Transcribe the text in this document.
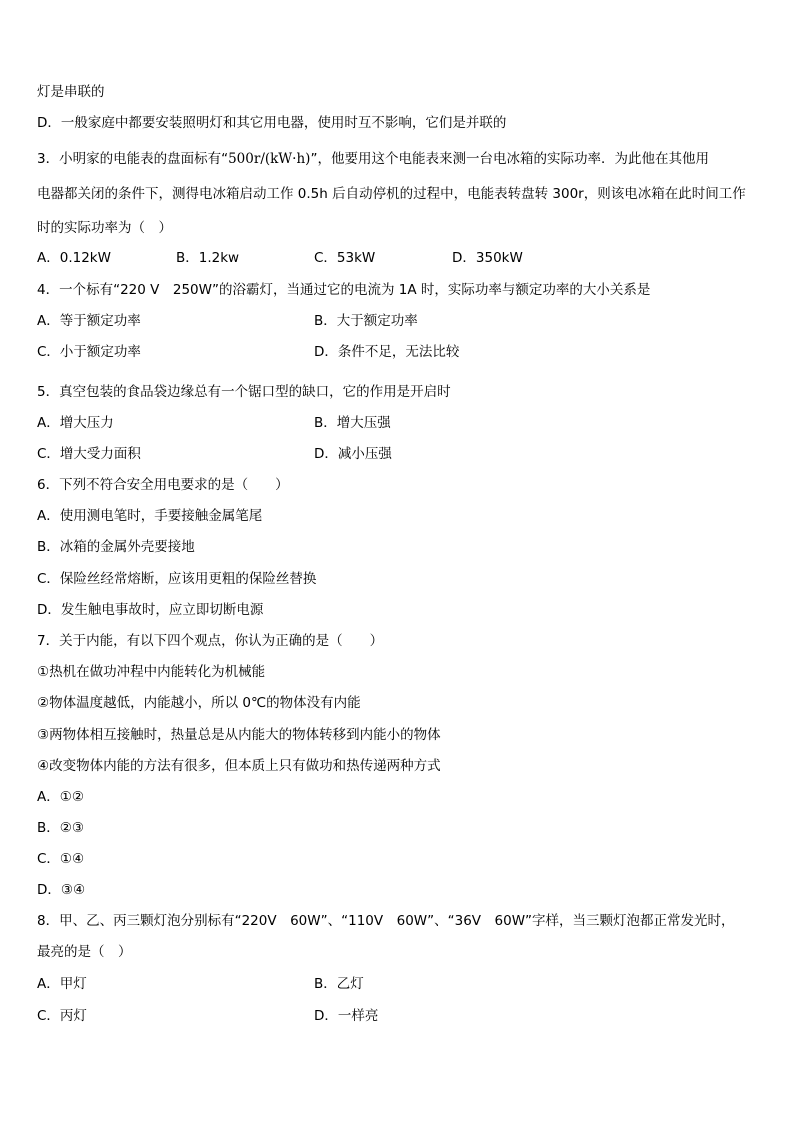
灯是串联的
D．一般家庭中都要安装照明灯和其它用电器，使用时互不影响，它们是并联的
3．小明家的电能表的盘面标有“500r/(kW·h)”，他要用这个电能表来测一台电冰箱的实际功率．为此他在其他用
电器都关闭的条件下，测得电冰箱启动工作 0.5h 后自动停机的过程中，电能表转盘转 300r，则该电冰箱在此时间工作
时的实际功率为（　）
A．0.12kW	B．1.2kw	C．53kW	D．350kW
4．一个标有“220 V　250W”的浴霸灯，当通过它的电流为 1A 时，实际功率与额定功率的大小关系是
A．等于额定功率	B．大于额定功率
C．小于额定功率	D．条件不足，无法比较
5．真空包装的食品袋边缘总有一个锯口型的缺口，它的作用是开启时
A．增大压力	B．增大压强
C．增大受力面积	D．减小压强
6．下列不符合安全用电要求的是（　　）
A．使用测电笔时，手要接触金属笔尾
B．冰箱的金属外壳要接地
C．保险丝经常熔断，应该用更粗的保险丝替换
D．发生触电事故时，应立即切断电源
7．关于内能，有以下四个观点，你认为正确的是（　　）
①热机在做功冲程中内能转化为机械能
②物体温度越低，内能越小，所以 0℃的物体没有内能
③两物体相互接触时，热量总是从内能大的物体转移到内能小的物体
④改变物体内能的方法有很多，但本质上只有做功和热传递两种方式
A．①②
B．②③
C．①④
D．③④
8．甲、乙、丙三颗灯泡分别标有“220V　60W”、“110V　60W”、“36V　60W”字样，当三颗灯泡都正常发光时，
最亮的是（　）
A．甲灯	B．乙灯
C．丙灯	D．一样亮
